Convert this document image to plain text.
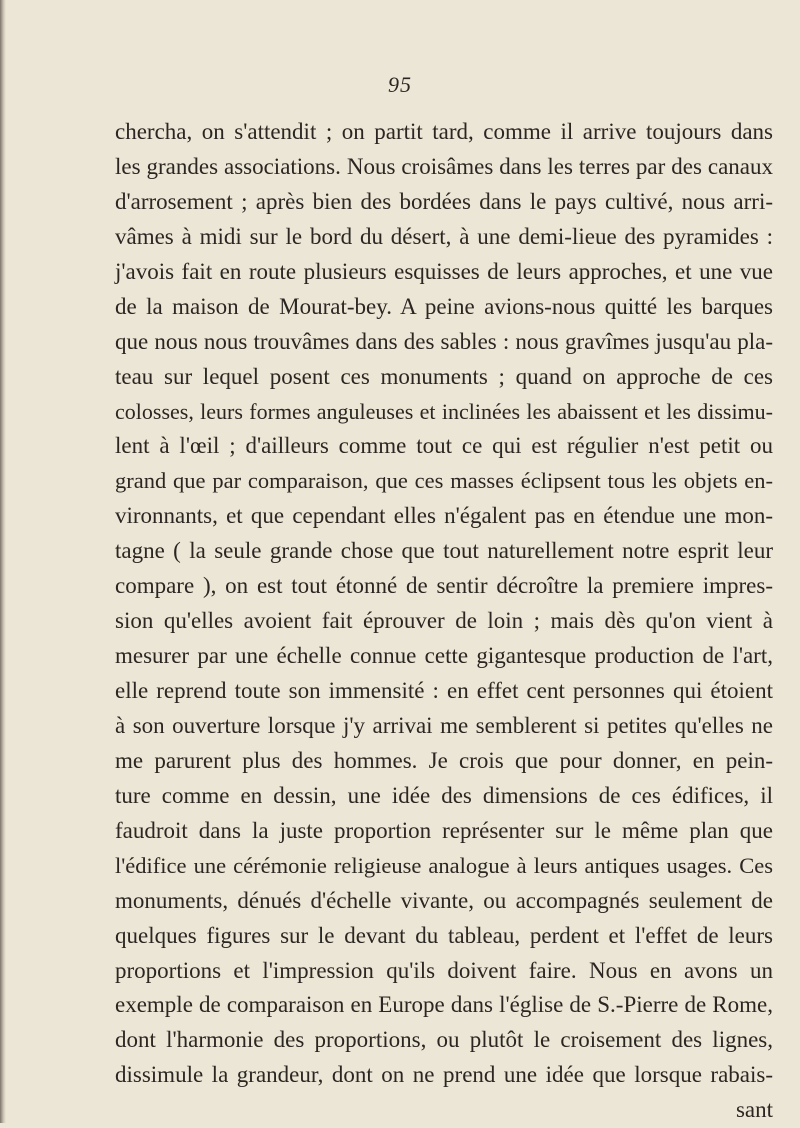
95
chercha, on s'attendit ; on partit tard, comme il arrive toujours dans
les grandes associations. Nous croisâmes dans les terres par des canaux
d'arrosement ; après bien des bordées dans le pays cultivé, nous arri-
vâmes à midi sur le bord du désert, à une demi-lieue des pyramides :
j'avois fait en route plusieurs esquisses de leurs approches, et une vue
de la maison de Mourat-bey. A peine avions-nous quitté les barques
que nous nous trouvâmes dans des sables : nous gravîmes jusqu'au pla-
teau sur lequel posent ces monuments ; quand on approche de ces
colosses, leurs formes anguleuses et inclinées les abaissent et les dissimu-
lent à l'œil ; d'ailleurs comme tout ce qui est régulier n'est petit ou
grand que par comparaison, que ces masses éclipsent tous les objets en-
vironnants, et que cependant elles n'égalent pas en étendue une mon-
tagne ( la seule grande chose que tout naturellement notre esprit leur
compare ), on est tout étonné de sentir décroître la premiere impres-
sion qu'elles avoient fait éprouver de loin ; mais dès qu'on vient à
mesurer par une échelle connue cette gigantesque production de l'art,
elle reprend toute son immensité : en effet cent personnes qui étoient
à son ouverture lorsque j'y arrivai me semblerent si petites qu'elles ne
me parurent plus des hommes. Je crois que pour donner, en pein-
ture comme en dessin, une idée des dimensions de ces édifices, il
faudroit dans la juste proportion représenter sur le même plan que
l'édifice une cérémonie religieuse analogue à leurs antiques usages. Ces
monuments, dénués d'échelle vivante, ou accompagnés seulement de
quelques figures sur le devant du tableau, perdent et l'effet de leurs
proportions et l'impression qu'ils doivent faire. Nous en avons un
exemple de comparaison en Europe dans l'église de S.-Pierre de Rome,
dont l'harmonie des proportions, ou plutôt le croisement des lignes,
dissimule la grandeur, dont on ne prend une idée que lorsque rabais-
sant
